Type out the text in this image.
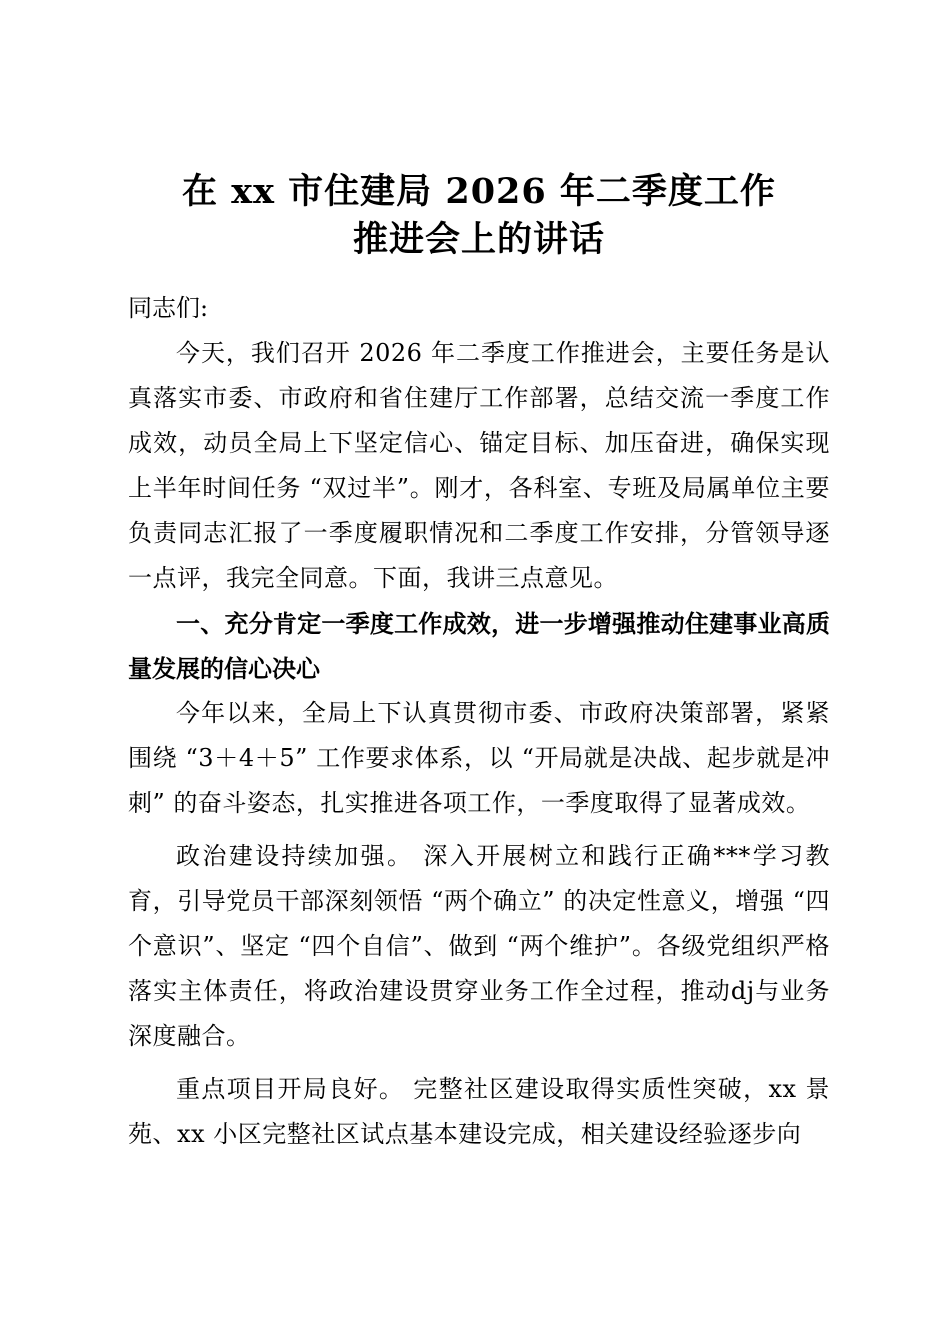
在 xx 市住建局 2026 年二季度工作
推进会上的讲话

同志们:

今天，我们召开 2026 年二季度工作推进会，主要任务是认真落实市委、市政府和省住建厅工作部署，总结交流一季度工作成效，动员全局上下坚定信心、锚定目标、加压奋进，确保实现上半年时间任务 “双过半”。刚才，各科室、专班及局属单位主要负责同志汇报了一季度履职情况和二季度工作安排，分管领导逐一点评，我完全同意。下面，我讲三点意见。

一、充分肯定一季度工作成效，进一步增强推动住建事业高质量发展的信心决心

今年以来，全局上下认真贯彻市委、市政府决策部署，紧紧围绕 “3＋4＋5” 工作要求体系，以 “开局就是决战、起步就是冲刺” 的奋斗姿态，扎实推进各项工作，一季度取得了显著成效。

政治建设持续加强。 深入开展树立和践行正确***学习教育，引导党员干部深刻领悟 “两个确立” 的决定性意义，增强 “四个意识”、坚定 “四个自信”、做到 “两个维护”。各级党组织严格落实主体责任，将政治建设贯穿业务工作全过程，推动dj与业务深度融合。

重点项目开局良好。 完整社区建设取得实质性突破，xx 景苑、xx 小区完整社区试点基本建设完成，相关建设经验逐步向
